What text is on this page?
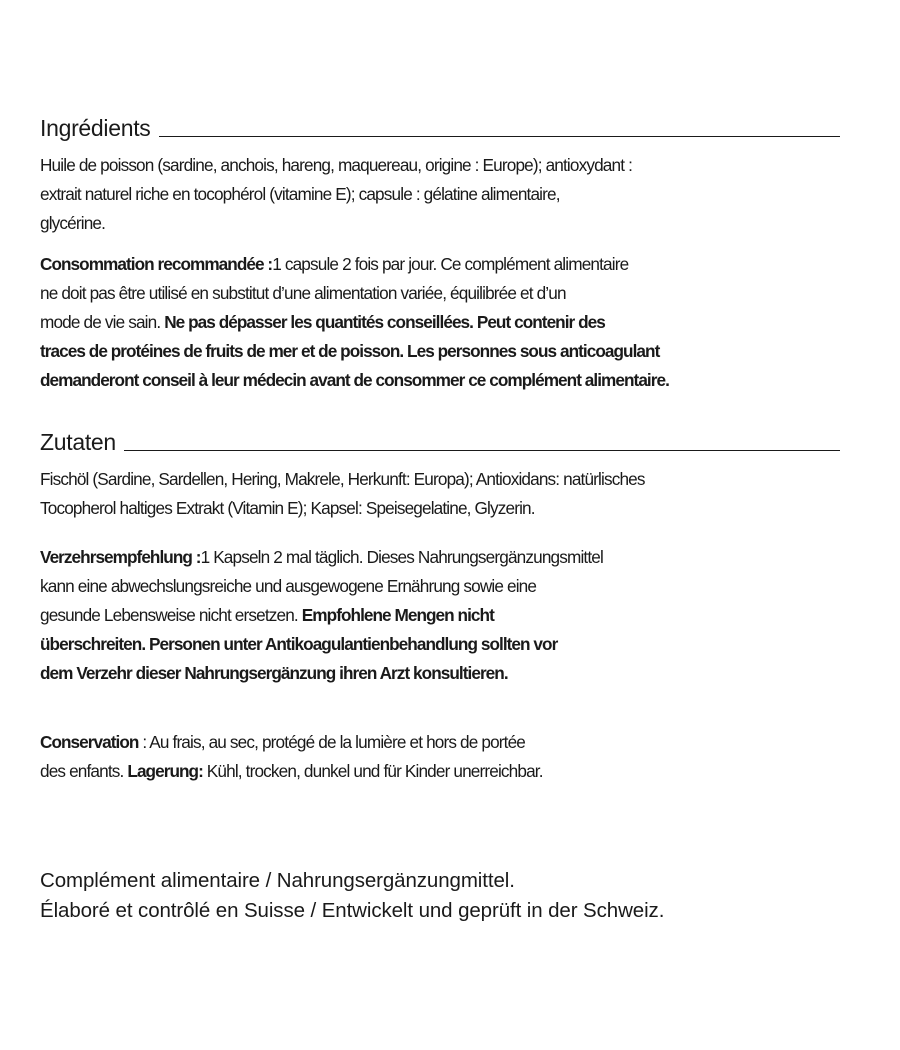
Ingrédients

Huile de poisson (sardine, anchois, hareng, maquereau, origine : Europe); antioxydant :

extrait naturel riche en tocophérol (vitamine E); capsule : gélatine alimentaire,

glycérine.

Consommation recommandée :1 capsule 2 fois par jour. Ce complément alimentaire

ne doit pas être utilisé en substitut d’une alimentation variée, équilibrée et d’un

mode de vie sain. Ne pas dépasser les quantités conseillées. Peut contenir des

traces de protéines de fruits de mer et de poisson. Les personnes sous anticoagulant

demanderont conseil à leur médecin avant de consommer ce complément alimentaire.

Zutaten

Fischöl (Sardine, Sardellen, Hering, Makrele, Herkunft: Europa); Antioxidans: natürlisches

Tocopherol haltiges Extrakt (Vitamin E); Kapsel: Speisegelatine, Glyzerin.

Verzehrsempfehlung :1 Kapseln 2 mal täglich. Dieses Nahrungsergänzungsmittel

kann eine abwechslungsreiche und ausgewogene Ernährung sowie eine

gesunde Lebensweise nicht ersetzen. Empfohlene Mengen nicht

überschreiten. Personen unter Antikoagulantienbehandlung sollten vor

dem Verzehr dieser Nahrungsergänzung ihren Arzt konsultieren.

Conservation : Au frais, au sec, protégé de la lumière et hors de portée

des enfants. Lagerung: Kühl, trocken, dunkel und für Kinder unerreichbar.

Complément alimentaire / Nahrungsergänzungmittel.

Élaboré et contrôlé en Suisse / Entwickelt und geprüft in der Schweiz.
